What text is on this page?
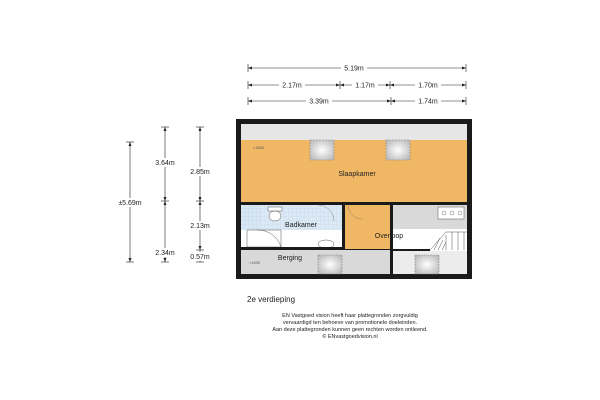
5.19m
2.17m	1.17m	1.70m
3.39m	1.74m
±5.69m
3.64m
2.34m
2.85m
2.13m
0.57m
<1500
<1500
Slaapkamer
Badkamer
Overloop
Berging
2e verdieping
EN Vastgoed vision heeft haar plattegronden zorgvuldig
vervaardigd ten behoeve van promotionele doeleinden.
Aan deze plattegronden kunnen geen rechten worden ontleend.
© ENvastgoedvision.nl
